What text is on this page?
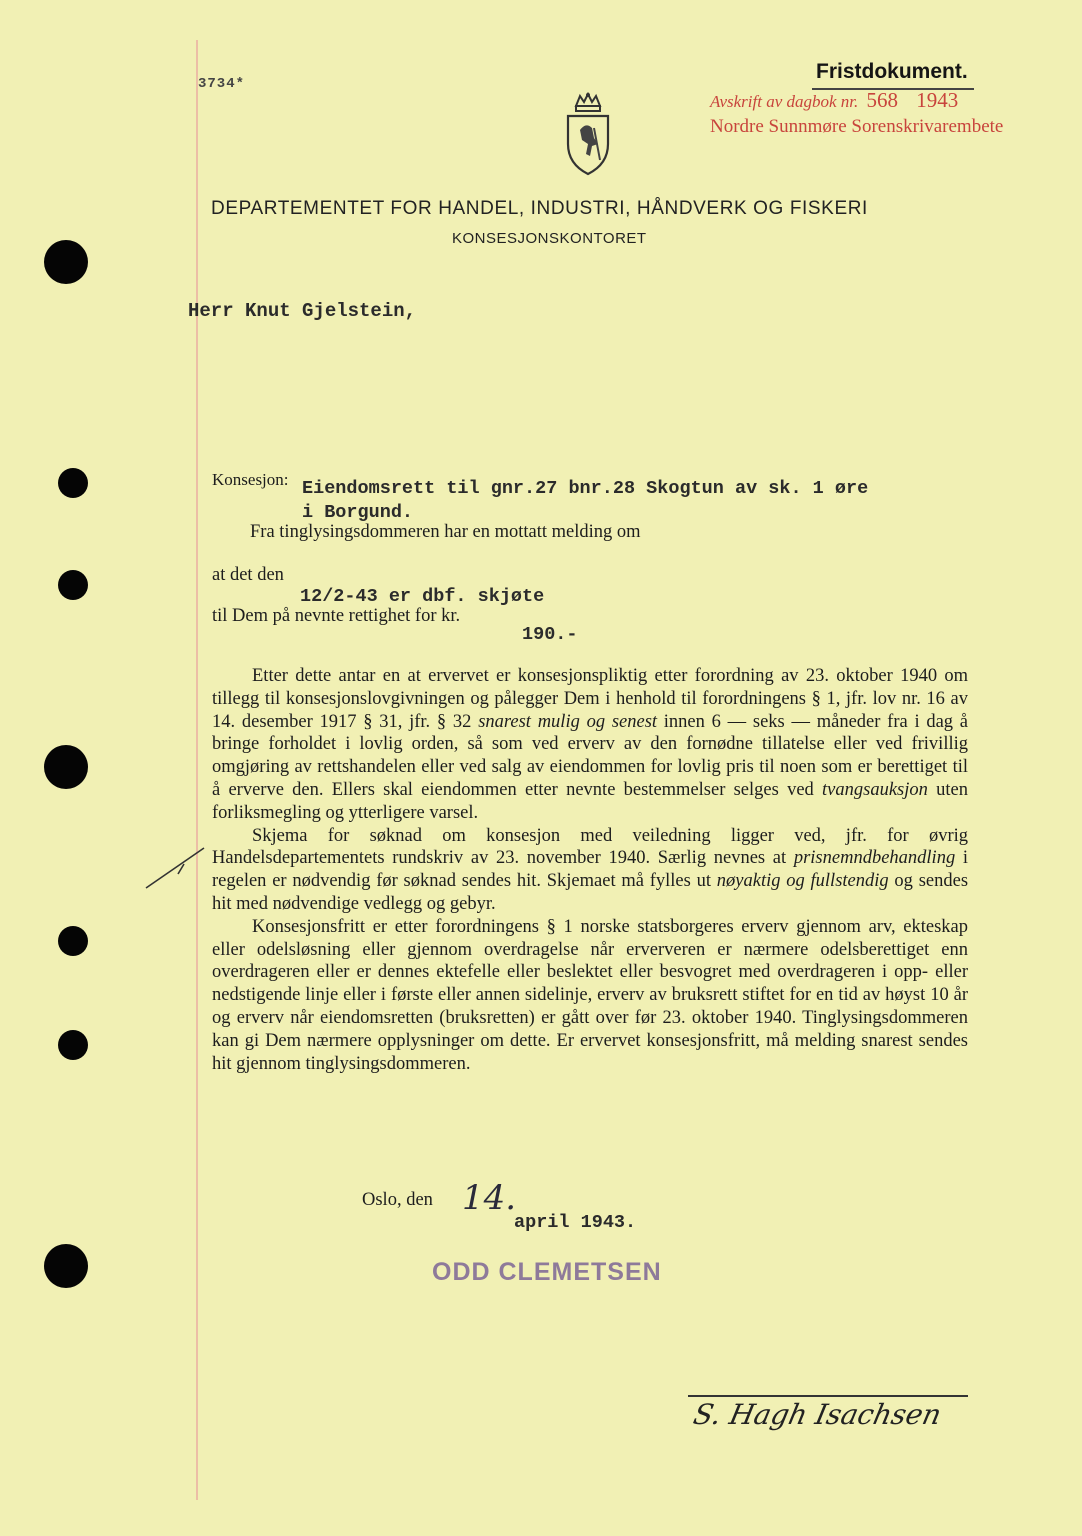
3734*
Fristdokument.
Avskrift av dagbok nr. 568 1943
Nordre Sunnmøre Sorenskrivarembete
DEPARTEMENTET FOR HANDEL, INDUSTRI, HÅNDVERK OG FISKERI
KONSESJONSKONTORET
Herr Knut Gjelstein,
Konsesjon: Eiendomsrett til gnr.27 bnr.28 Skogtun av sk. 1 øre
i Borgund.
Fra tinglysingsdommeren har en mottatt melding om
at det den
12/2-43 er dbf. skjøte
til Dem på nevnte rettighet for kr.
190.-

Etter dette antar en at ervervet er konsesjonspliktig etter forordning av 23. oktober 1940 om tillegg til konsesjonslovgivningen og pålegger Dem i henhold til forordningens § 1, jfr. lov nr. 16 av 14. desember 1917 § 31, jfr. § 32 snarest mulig og senest innen 6 — seks — måneder fra i dag å bringe forholdet i lovlig orden, så som ved erverv av den fornødne tillatelse eller ved frivillig omgjøring av rettshandelen eller ved salg av eiendommen for lovlig pris til noen som er berettiget til å erverve den. Ellers skal eiendommen etter nevnte bestemmelser selges ved tvangsauksjon uten forliksmegling og ytterligere varsel.

Skjema for søknad om konsesjon med veiledning ligger ved, jfr. for øvrig Handelsdepartementets rundskriv av 23. november 1940. Særlig nevnes at prisnemndbehandling i regelen er nødvendig før søknad sendes hit. Skjemaet må fylles ut nøyaktig og fullstendig og sendes hit med nødvendige vedlegg og gebyr.

Konsesjonsfritt er etter forordningens § 1 norske statsborgeres erverv gjennom arv, ekteskap eller odelsløsning eller gjennom overdragelse når erververen er nærmere odelsberettiget enn overdrageren eller er dennes ektefelle eller beslektet eller besvogret med overdrageren i opp- eller nedstigende linje eller i første eller annen sidelinje, erverv av bruksrett stiftet for en tid av høyst 10 år og erverv når eiendomsretten (bruksretten) er gått over før 23. oktober 1940. Tinglysingsdommeren kan gi Dem nærmere opplysninger om dette. Er ervervet konsesjonsfritt, må melding snarest sendes hit gjennom tinglysingsdommeren.

Oslo, den 14.
april 1943.
ODD CLEMETSEN
S. Hagh Isachsen
